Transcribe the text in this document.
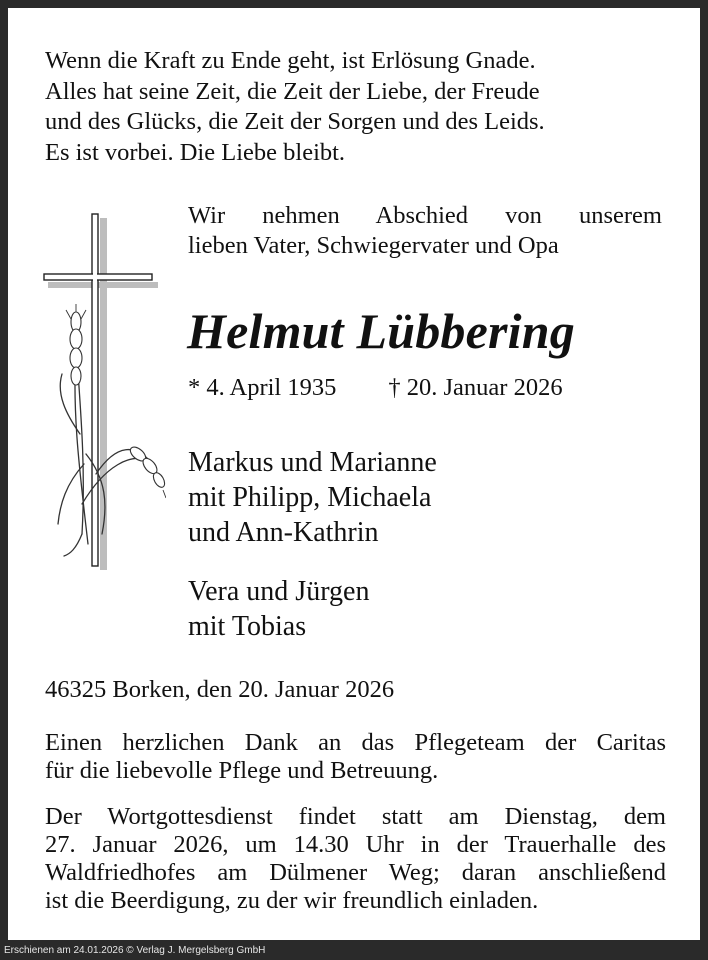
Wenn die Kraft zu Ende geht, ist Erlösung Gnade.
Alles hat seine Zeit, die Zeit der Liebe, der Freude
und des Glücks, die Zeit der Sorgen und des Leids.
Es ist vorbei. Die Liebe bleibt.
Wir nehmen Abschied von unserem
lieben Vater, Schwiegervater und Opa
Helmut Lübbering
* 4. April 1935 † 20. Januar 2026
Markus und Marianne
mit Philipp, Michaela
und Ann-Kathrin
Vera und Jürgen
mit Tobias
46325 Borken, den 20. Januar 2026
Einen herzlichen Dank an das Pflegeteam der Caritas
für die liebevolle Pflege und Betreuung.
Der Wortgottesdienst findet statt am Dienstag, dem
27. Januar 2026, um 14.30 Uhr in der Trauerhalle des
Waldfriedhofes am Dülmener Weg; daran anschließend
ist die Beerdigung, zu der wir freundlich einladen.
Erschienen am 24.01.2026 © Verlag J. Mergelsberg GmbH
